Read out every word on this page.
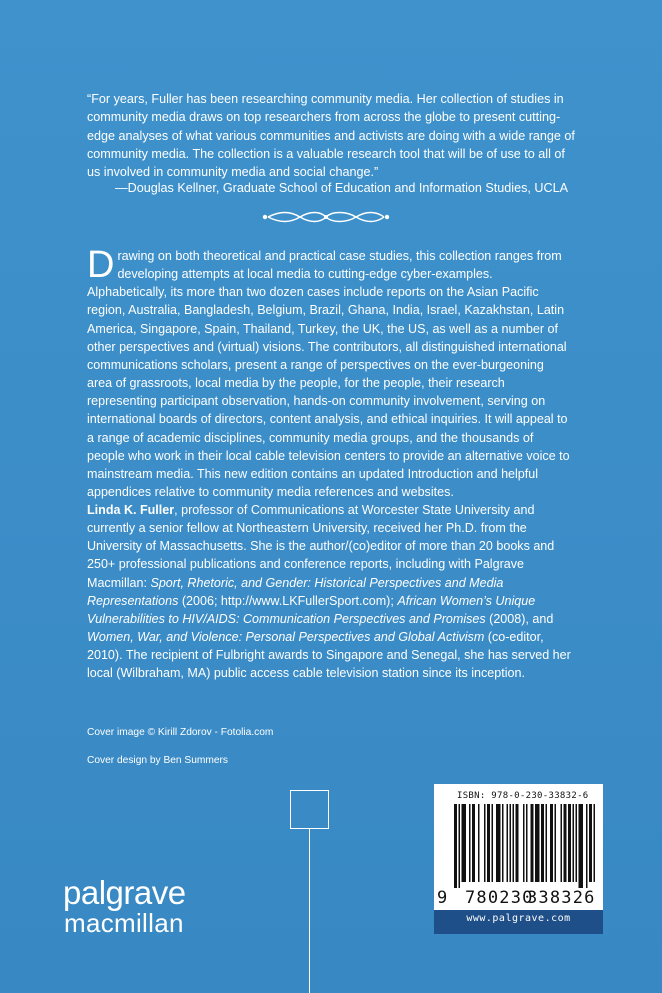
“For years, Fuller has been researching community media. Her collection of studies in community media draws on top researchers from across the globe to present cutting-edge analyses of what various communities and activists are doing with a wide range of community media. The collection is a valuable research tool that will be of use to all of us involved in community media and social change.”
—Douglas Kellner, Graduate School of Education and Information Studies, UCLA
Drawing on both theoretical and practical case studies, this collection ranges from developing attempts at local media to cutting-edge cyber-examples. Alphabetically, its more than two dozen cases include reports on the Asian Pacific region, Australia, Bangladesh, Belgium, Brazil, Ghana, India, Israel, Kazakhstan, Latin America, Singapore, Spain, Thailand, Turkey, the UK, the US, as well as a number of other perspectives and (virtual) visions. The contributors, all distinguished international communications scholars, present a range of perspectives on the ever-burgeoning area of grassroots, local media by the people, for the people, their research representing participant observation, hands-on community involvement, serving on international boards of directors, content analysis, and ethical inquiries. It will appeal to a range of academic disciplines, community media groups, and the thousands of people who work in their local cable television centers to provide an alternative voice to mainstream media. This new edition contains an updated Introduction and helpful appendices relative to community media references and websites.
Linda K. Fuller, professor of Communications at Worcester State University and currently a senior fellow at Northeastern University, received her Ph.D. from the University of Massachusetts. She is the author/(co)editor of more than 20 books and 250+ professional publications and conference reports, including with Palgrave Macmillan: Sport, Rhetoric, and Gender: Historical Perspectives and Media Representations (2006; http://www.LKFullerSport.com); African Women’s Unique Vulnerabilities to HIV/AIDS: Communication Perspectives and Promises (2008), and Women, War, and Violence: Personal Perspectives and Global Activism (co-editor, 2010). The recipient of Fulbright awards to Singapore and Senegal, she has served her local (Wilbraham, MA) public access cable television station since its inception.
Cover image © Kirill Zdorov - Fotolia.com
Cover design by Ben Summers
palgrave
macmillan
ISBN: 978-0-230-33832-6
9 780230
338326
www.palgrave.com
